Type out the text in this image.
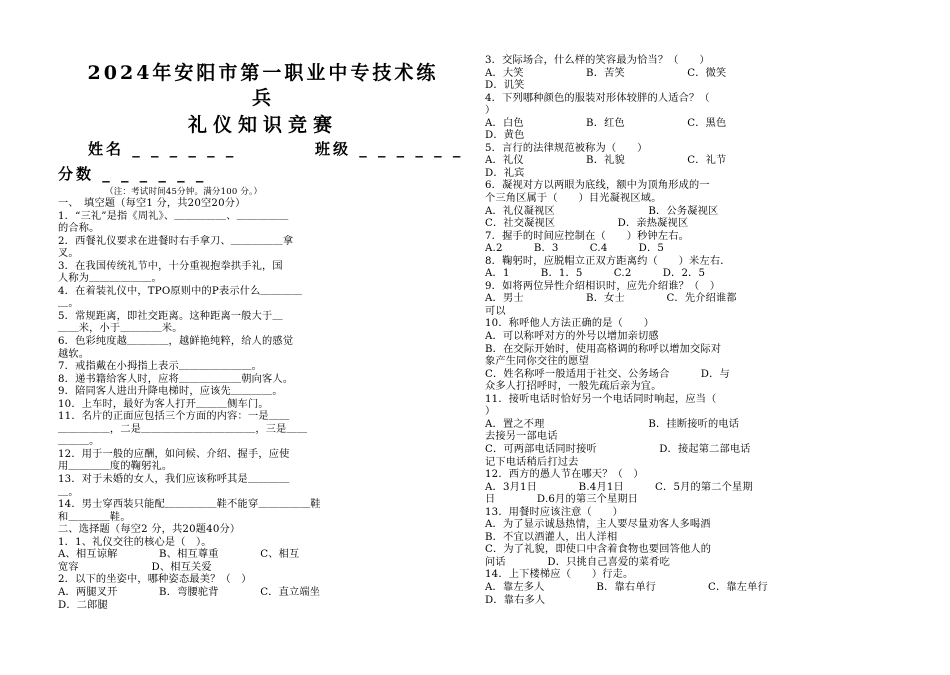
2024年安阳市第一职业中专技术练
兵
礼仪知识竞赛
姓名 _ _ _ _ _ _	班级 _ _ _ _ _ _
分数 _ _ _ _ _ _
（注：考试时间45分钟。满分100 分。）
一、　填空题（每空1 分，共20空20分）
1．“三礼”是指《周礼》、＿＿＿＿＿、＿＿＿＿＿
的合称。
2．西餐礼仪要求在进餐时右手拿刀、＿＿＿＿＿拿
叉。
3．在我国传统礼节中，十分重视抱拳拱手礼，国
人称为＿＿＿＿＿＿。
4．在着装礼仪中，TPO原则中的P表示什么＿＿＿＿
＿。
5．常规距离，即社交距离。这种距离一般大于＿
＿＿米，小于＿＿＿＿米。
6．色彩纯度越＿＿＿＿，越鲜艳纯粹，给人的感觉
越软。
7．戒指戴在小拇指上表示＿＿＿＿＿＿＿。
8．递书籍给客人时，应将＿＿＿＿＿＿朝向客人。
9．陪同客人进出升降电梯时，应该先＿＿＿＿。
10．上车时，最好为客人打开＿＿＿侧车门。
11．名片的正面应包括三个方面的内容：一是＿＿
＿＿＿＿＿，二是＿＿＿＿＿＿＿＿＿＿＿，三是＿＿
＿＿＿。
12．用于一般的应酬，如问候、介绍、握手，应使
用＿＿＿＿度的鞠躬礼。
13．对于未婚的女人，我们应该称呼其是＿＿＿＿
＿。
14．男士穿西装只能配＿＿＿＿＿鞋不能穿＿＿＿＿＿鞋
和＿＿＿＿鞋。
二、选择题（每空2 分，共20题40分）
1．1、礼仪交往的核心是（　）。
A、相互谅解　　　　B、相互尊重　　　　C、相互
宽容　　　　　　　D、相互关爱
2．以下的坐姿中，哪种姿态最美？（　）
A．两腿叉开　　　　B．弯腰驼背　　　　C．直立端坐
D．二郎腿
3．交际场合，什么样的笑容最为恰当？（　　）
A．大笑　　　　　　B．苦笑　　　　　　C．微笑
D．讥笑
4．下列哪种颜色的服装对形体较胖的人适合？（
）
A．白色　　　　　　B．红色　　　　　　C．黑色
D．黄色
5．言行的法律规范被称为（　　）
A．礼仪　　　　　　B．礼貌　　　　　　C．礼节
D．礼宾
6．凝视对方以两眼为底线，额中为顶角形成的一
个三角区属于（　　）目光凝视区域。
A．礼仪凝视区　　　　　　　　　B．公务凝视区
C．社交凝视区　　　　　　D．亲热凝视区
7．握手的时间应控制在（　　）秒钟左右。
A.2　　　B．3　　　C.4　　　D．5
8．鞠躬时，应脱帽立正双方距离约（　　）米左右．
A．1　　　B．1．5　　　C.2　　　D．2．5
9．如将两位异性介绍相识时，应先介绍谁？（　）
A．男士　　　　　　B．女士　　　　C．先介绍谁都
可以
10．称呼他人方法正确的是（　　）
A．可以称呼对方的外号以增加亲切感
B．在交际开始时，使用高格调的称呼以增加交际对
象产生同你交往的愿望
C．姓名称呼一般适用于社交、公务场合　　　D．与
众多人打招呼时，一般先疏后亲为宜。
11．接听电话时恰好另一个电话同时响起，应当（
）
A．置之不理　　　　　　　　　　B．挂断接听的电话
去接另一部电话
C．可两部电话同时接听　　　　　　D．接起第二部电话
记下电话稍后打过去
12．西方的愚人节在哪天？（　）
A．3月1日　　　　B.4月1日　　　C．5月的第二个星期
日　　　　D.6月的第三个星期日
13．用餐时应该注意（　　）
A．为了显示诚恳热情，主人要尽量劝客人多喝酒
B．不宜以酒灌人，出人洋相
C．为了礼貌，即使口中含着食物也要回答他人的
问话　　　　D．只挑自己喜爱的菜肴吃
14．上下楼梯应（　　）行走。
A．靠左多人　　　　　B．靠右单行　　　　　C．靠左单行
D．靠右多人
